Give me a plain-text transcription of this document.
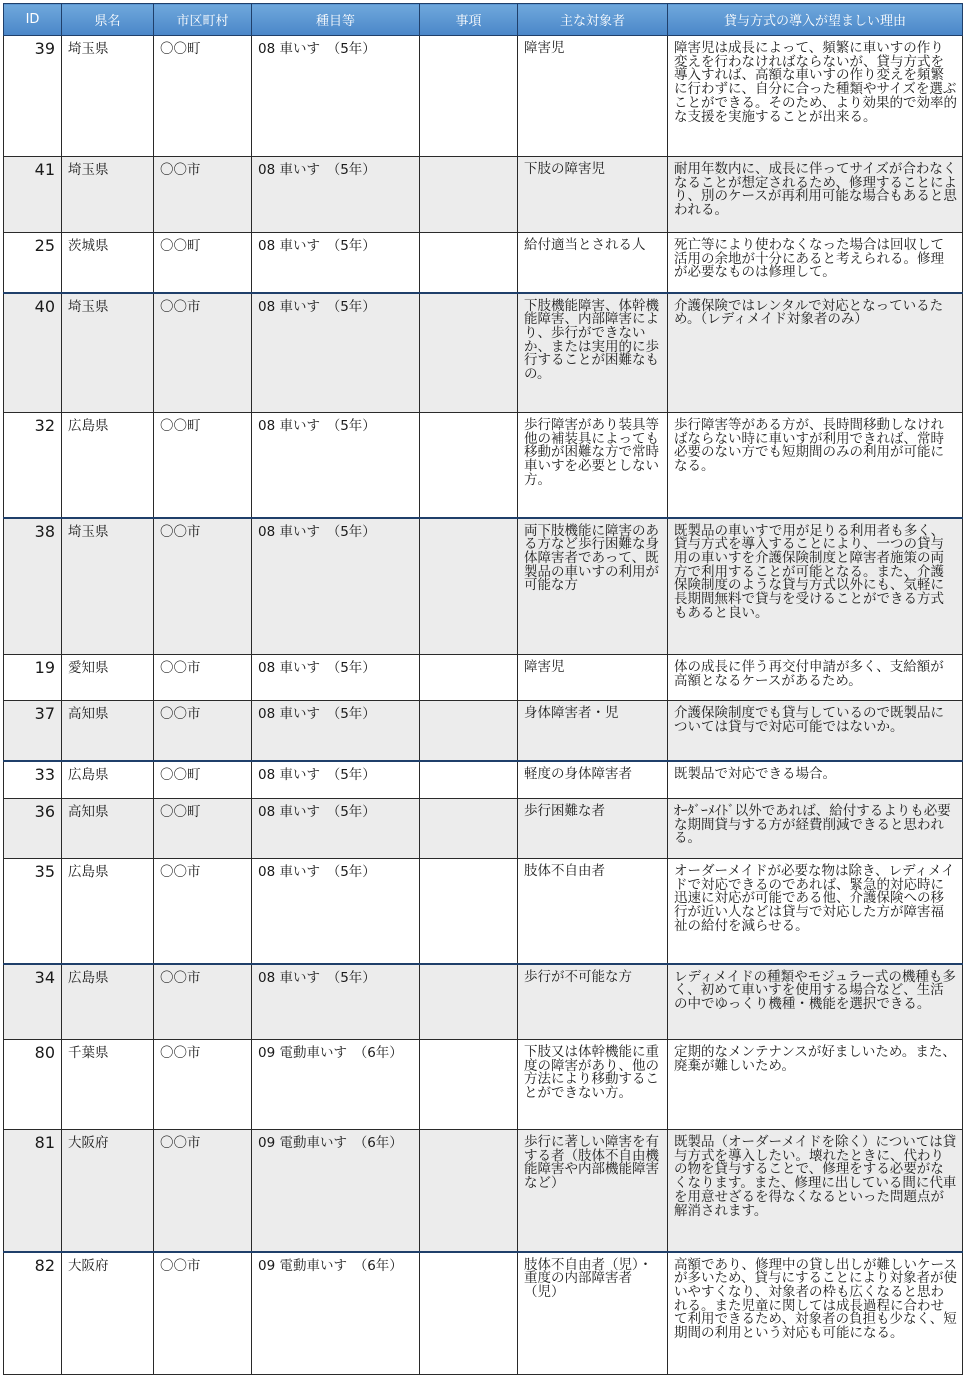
ID	県名	市区町村	種目等	事項	主な対象者	貸与方式の導入が望ましい理由
39	埼玉県	〇〇町	08 車いす　（5年）		障害児	障害児は成長によって、頻繁に車いすの作り変えを行わなければならないが、貸与方式を導入すれば、高額な車いすの作り変えを頻繁に行わずに、自分に合った種類やサイズを選ぶことができる。そのため、より効果的で効率的な支援を実施することが出来る。
41	埼玉県	〇〇市	08 車いす　（5年）		下肢の障害児	耐用年数内に、成長に伴ってサイズが合わなくなることが想定されるため、修理することにより、別のケースが再利用可能な場合もあると思われる。
25	茨城県	〇〇町	08 車いす　（5年）		給付適当とされる人	死亡等により使わなくなった場合は回収して活用の余地が十分にあると考えられる。修理が必要なものは修理して。
40	埼玉県	〇〇市	08 車いす　（5年）		下肢機能障害、体幹機能障害、内部障害により、歩行ができないか、または実用的に歩行することが困難なもの。	介護保険ではレンタルで対応となっているため。（レディメイド対象者のみ）
32	広島県	〇〇町	08 車いす　（5年）		歩行障害があり装具等他の補装具によっても移動が困難な方で常時車いすを必要としない方。	歩行障害等がある方が、長時間移動しなければならない時に車いすが利用できれば、常時必要のない方でも短期間のみの利用が可能になる。
38	埼玉県	〇〇市	08 車いす　（5年）		両下肢機能に障害のある方など歩行困難な身体障害者であって、既製品の車いすの利用が可能な方	既製品の車いすで用が足りる利用者も多く、貸与方式を導入することにより、一つの貸与用の車いすを介護保険制度と障害者施策の両方で利用することが可能となる。また、介護保険制度のような貸与方式以外にも、気軽に長期間無料で貸与を受けることができる方式もあると良い。
19	愛知県	〇〇市	08 車いす　（5年）		障害児	体の成長に伴う再交付申請が多く、支給額が高額となるケースがあるため。
37	高知県	〇〇市	08 車いす　（5年）		身体障害者・児	介護保険制度でも貸与しているので既製品については貸与で対応可能ではないか。
33	広島県	〇〇町	08 車いす　（5年）		軽度の身体障害者	既製品で対応できる場合。
36	高知県	〇〇町	08 車いす　（5年）		歩行困難な者	ｵｰﾀﾞｰﾒｲﾄﾞ以外であれば、給付するよりも必要な期間貸与する方が経費削減できると思われる。
35	広島県	〇〇市	08 車いす　（5年）		肢体不自由者	オーダーメイドが必要な物は除き、レディメイドで対応できるのであれば、緊急的対応時に迅速に対応が可能である他、介護保険への移行が近い人などは貸与で対応した方が障害福祉の給付を減らせる。
34	広島県	〇〇市	08 車いす　（5年）		歩行が不可能な方	レディメイドの種類やモジュラー式の機種も多く、初めて車いすを使用する場合など、生活の中でゆっくり機種・機能を選択できる。
80	千葉県	〇〇市	09 電動車いす　（6年）		下肢又は体幹機能に重度の障害があり、他の方法により移動することができない方。	定期的なメンテナンスが好ましいため。また、廃棄が難しいため。
81	大阪府	〇〇市	09 電動車いす　（6年）		歩行に著しい障害を有する者（肢体不自由機能障害や内部機能障害など）	既製品（オーダーメイドを除く）については貸与方式を導入したい。壊れたときに、代わりの物を貸与することで、修理をする必要がなくなります。また、修理に出している間に代車を用意せざるを得なくなるといった問題点が解消されます。
82	大阪府	〇〇市	09 電動車いす　（6年）		肢体不自由者（児）・重度の内部障害者（児）	高額であり、修理中の貸し出しが難しいケースが多いため、貸与にすることにより対象者が使いやすくなり、対象者の枠も広くなると思われる。また児童に関しては成長過程に合わせて利用できるため、対象者の負担も少なく、短期間の利用という対応も可能になる。
